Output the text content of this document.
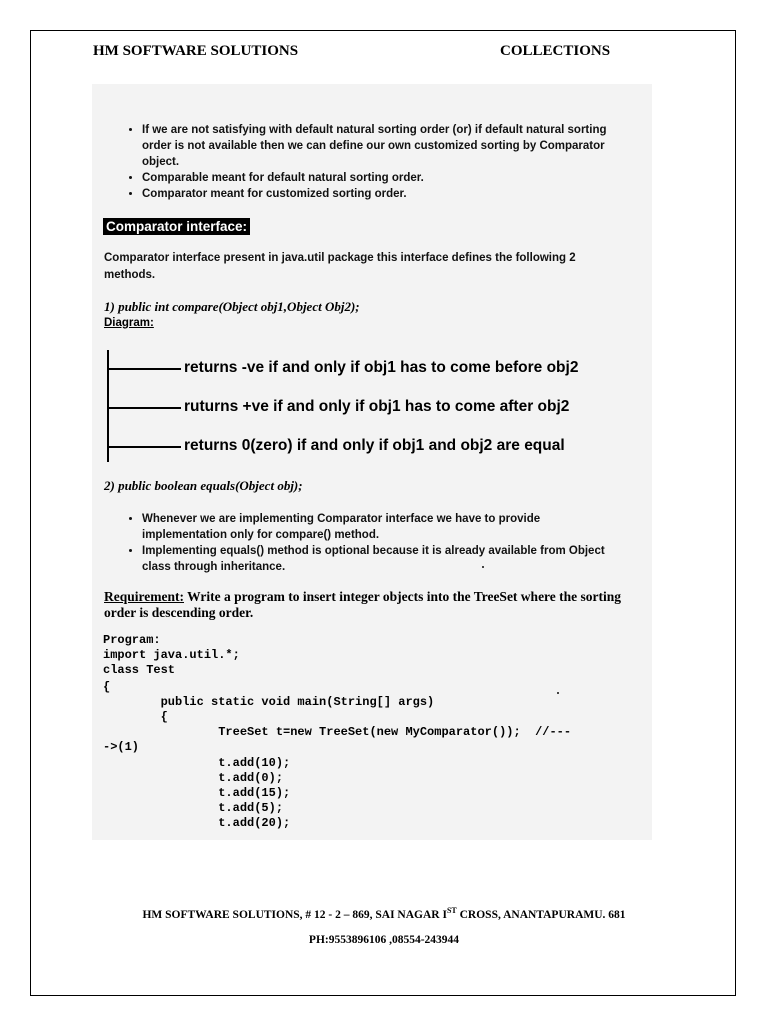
HM SOFTWARE SOLUTIONS	COLLECTIONS
• If we are not satisfying with default natural sorting order (or) if default natural sorting order is not available then we can define our own customized sorting by Comparator object.
• Comparable meant for default natural sorting order.
• Comparator meant for customized sorting order.
Comparator interface:
Comparator interface present in java.util package this interface defines the following 2 methods.
1) public int compare(Object obj1,Object Obj2);
Diagram:
returns -ve if and only if obj1 has to come before obj2
ruturns +ve if and only if obj1 has to come after obj2
returns 0(zero) if and only if obj1 and obj2 are equal
2) public boolean equals(Object obj);
• Whenever we are implementing Comparator interface we have to provide implementation only for compare() method.
• Implementing equals() method is optional because it is already available from Object class through inheritance.
Requirement: Write a program to insert integer objects into the TreeSet where the sorting order is descending order.
Program:
import java.util.*;
class Test
{
public static void main(String[] args)
{
TreeSet t=new TreeSet(new MyComparator());  //---
->(1)
t.add(10);
t.add(0);
t.add(15);
t.add(5);
t.add(20);
HM SOFTWARE SOLUTIONS, # 12 - 2 – 869, SAI NAGAR IST CROSS, ANANTAPURAMU. 681
PH:9553896106 ,08554-243944
